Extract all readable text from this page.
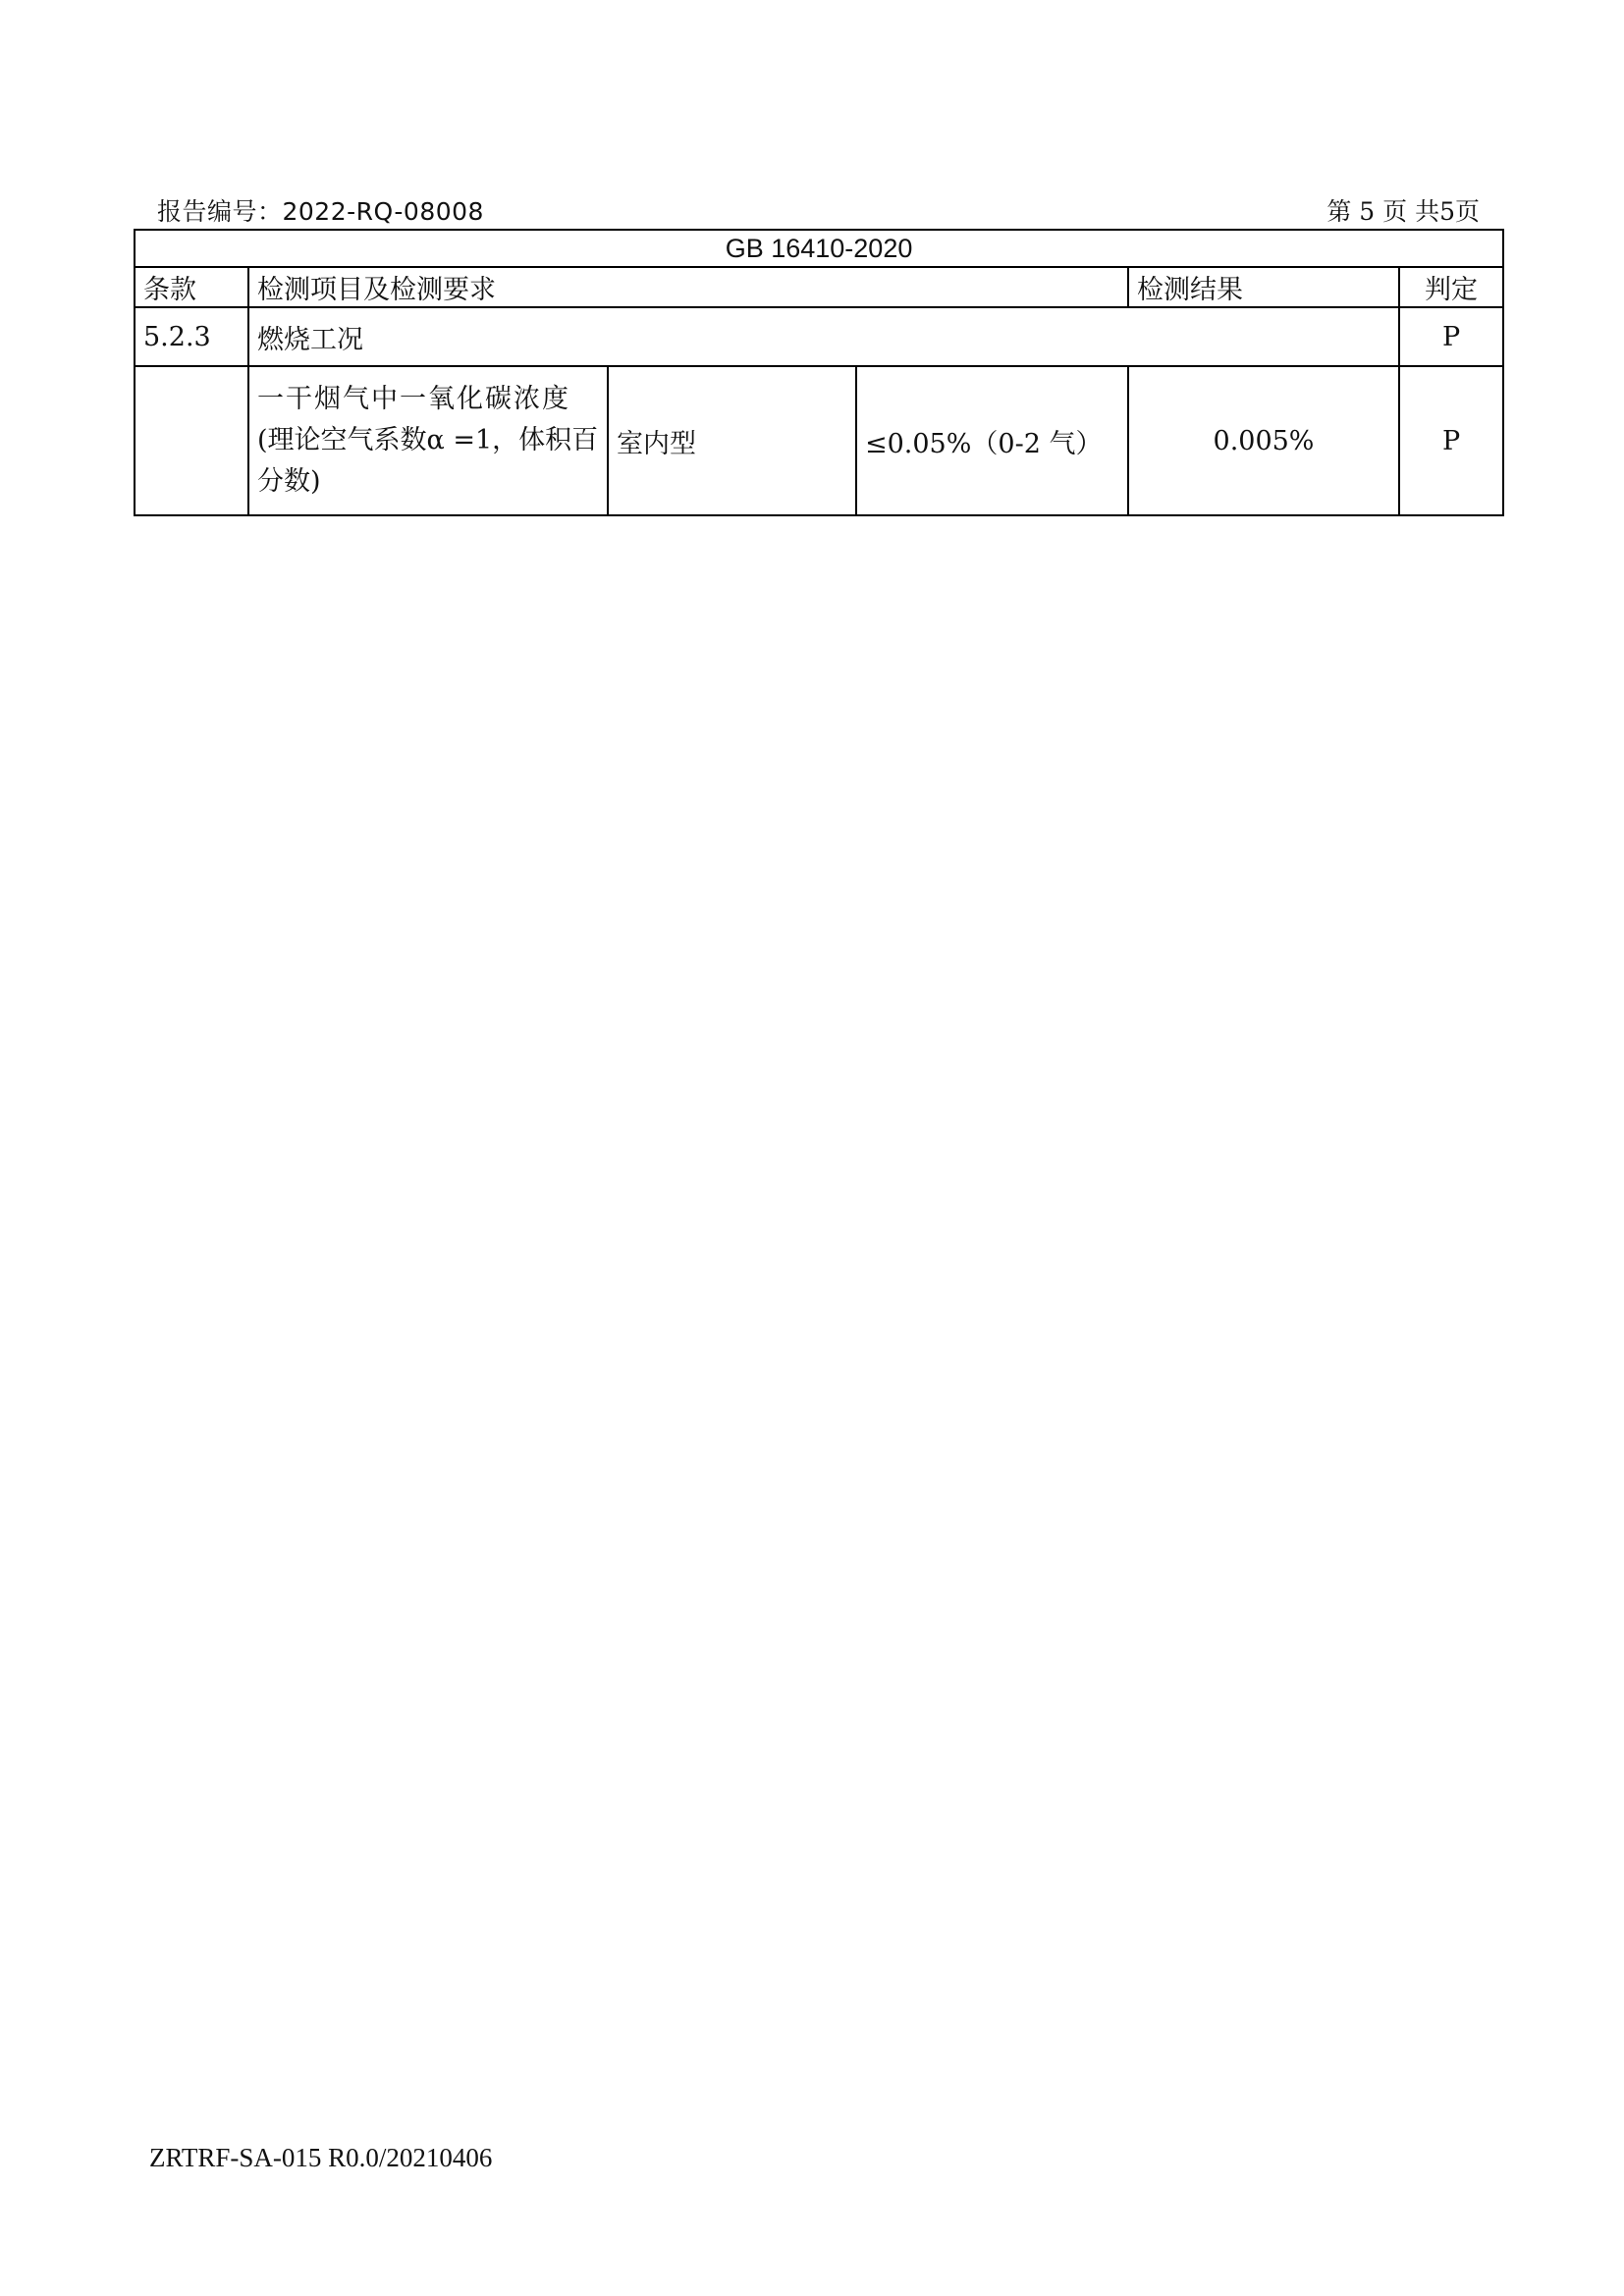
报告编号：2022-RQ-08008	第 5 页 共5页
GB 16410-2020					
条款	检测项目及检测要求			检测结果	判定
5.2.3	燃烧工况				P

	一干烟气中一氧化碳浓度
(理论空气系数α =1，体积百
分数)	室内型	≤0.05%（0-2 气）	0.005%	P
ZRTRF-SA-015 R0.0/20210406
